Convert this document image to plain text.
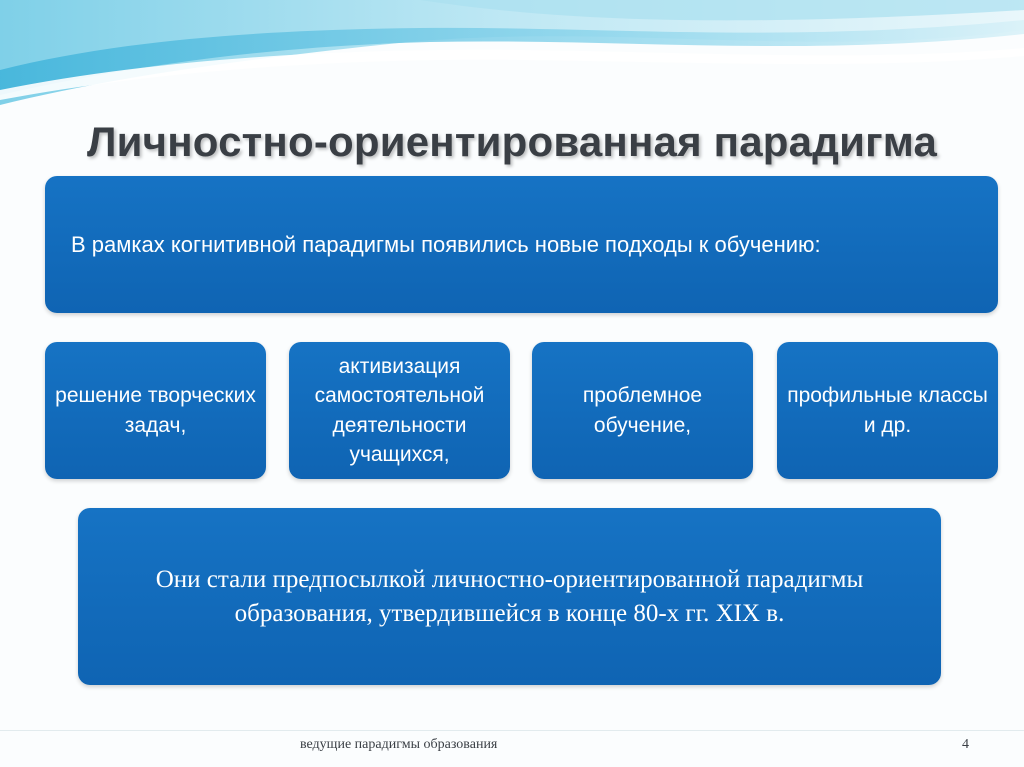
Личностно-ориентированная парадигма
В рамках когнитивной парадигмы появились новые подходы к обучению:
решение творческих задач,
активизация самостоятельной деятельности учащихся,
проблемное обучение,
профильные классы и др.
Они стали предпосылкой личностно-ориентированной парадигмы образования, утвердившейся в конце 80-х гг. XIX в.
ведущие парадигмы образования	4
